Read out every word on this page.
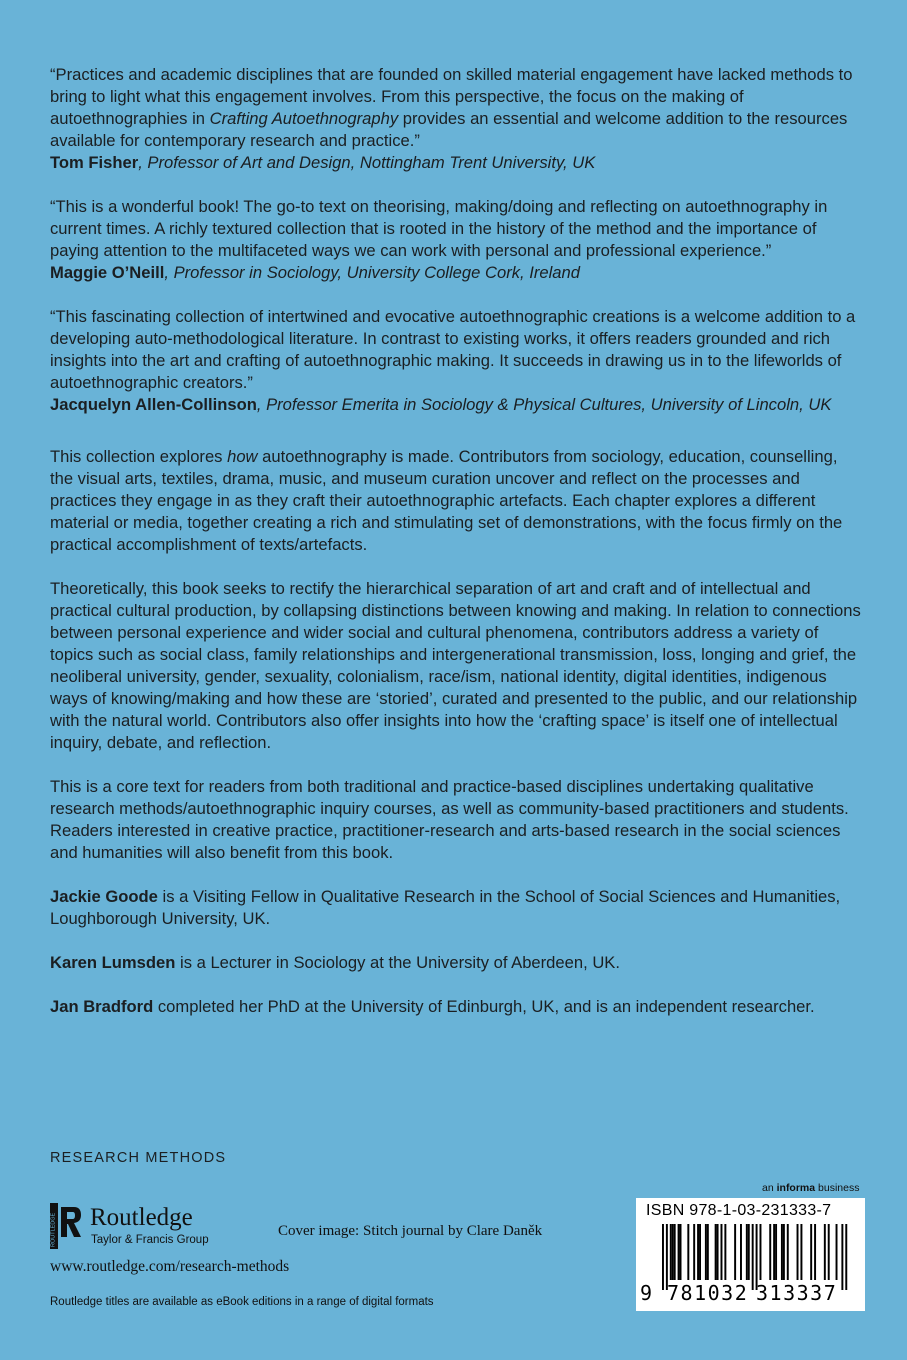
“Practices and academic disciplines that are founded on skilled material engagement have lacked methods to bring to light what this engagement involves. From this perspective, the focus on the making of autoethnographies in Crafting Autoethnography provides an essential and welcome addition to the resources available for contemporary research and practice.”
Tom Fisher, Professor of Art and Design, Nottingham Trent University, UK

“This is a wonderful book! The go-to text on theorising, making/doing and reflecting on autoethnography in current times. A richly textured collection that is rooted in the history of the method and the importance of paying attention to the multifaceted ways we can work with personal and professional experience.”
Maggie O’Neill, Professor in Sociology, University College Cork, Ireland

“This fascinating collection of intertwined and evocative autoethnographic creations is a welcome addition to a developing auto-methodological literature. In contrast to existing works, it offers readers grounded and rich insights into the art and crafting of autoethnographic making. It succeeds in drawing us in to the lifeworlds of autoethnographic creators.”
Jacquelyn Allen-Collinson, Professor Emerita in Sociology & Physical Cultures, University of Lincoln, UK

This collection explores how autoethnography is made. Contributors from sociology, education, counselling, the visual arts, textiles, drama, music, and museum curation uncover and reflect on the processes and practices they engage in as they craft their autoethnographic artefacts. Each chapter explores a different material or media, together creating a rich and stimulating set of demonstrations, with the focus firmly on the practical accomplishment of texts/artefacts.

Theoretically, this book seeks to rectify the hierarchical separation of art and craft and of intellectual and practical cultural production, by collapsing distinctions between knowing and making. In relation to connections between personal experience and wider social and cultural phenomena, contributors address a variety of topics such as social class, family relationships and intergenerational transmission, loss, longing and grief, the neoliberal university, gender, sexuality, colonialism, race/ism, national identity, digital identities, indigenous ways of knowing/making and how these are ‘storied’, curated and presented to the public, and our relationship with the natural world. Contributors also offer insights into how the ‘crafting space’ is itself one of intellectual inquiry, debate, and reflection.

This is a core text for readers from both traditional and practice-based disciplines undertaking qualitative research methods/autoethnographic inquiry courses, as well as community-based practitioners and students. Readers interested in creative practice, practitioner-research and arts-based research in the social sciences and humanities will also benefit from this book.

Jackie Goode is a Visiting Fellow in Qualitative Research in the School of Social Sciences and Humanities, Loughborough University, UK.

Karen Lumsden is a Lecturer in Sociology at the University of Aberdeen, UK.

Jan Bradford completed her PhD at the University of Edinburgh, UK, and is an independent researcher.

RESEARCH METHODS
an informa business
ROUTLEDGE Routledge
Taylor & Francis Group
Cover image: Stitch journal by Clare Daněk
www.routledge.com/research-methods
Routledge titles are available as eBook editions in a range of digital formats
ISBN 978-1-03-231333-7
9 781032 313337
